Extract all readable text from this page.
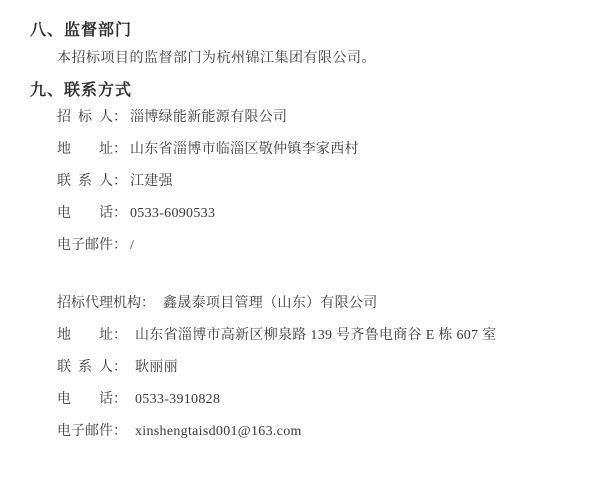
八、监督部门

本招标项目的监督部门为杭州锦江集团有限公司。

九、联系方式
招标人： 淄博绿能新能源有限公司
地址： 山东省淄博市临淄区敬仲镇李家西村
联系人： 江建强
电话： 0533-6090533
电子邮件： /
招标代理机构： 鑫晟泰项目管理（山东）有限公司
地址： 山东省淄博市高新区柳泉路 139 号齐鲁电商谷 E 栋 607 室
联系人： 耿丽丽
电话： 0533-3910828
电子邮件： xinshengtaisd001@163.com
